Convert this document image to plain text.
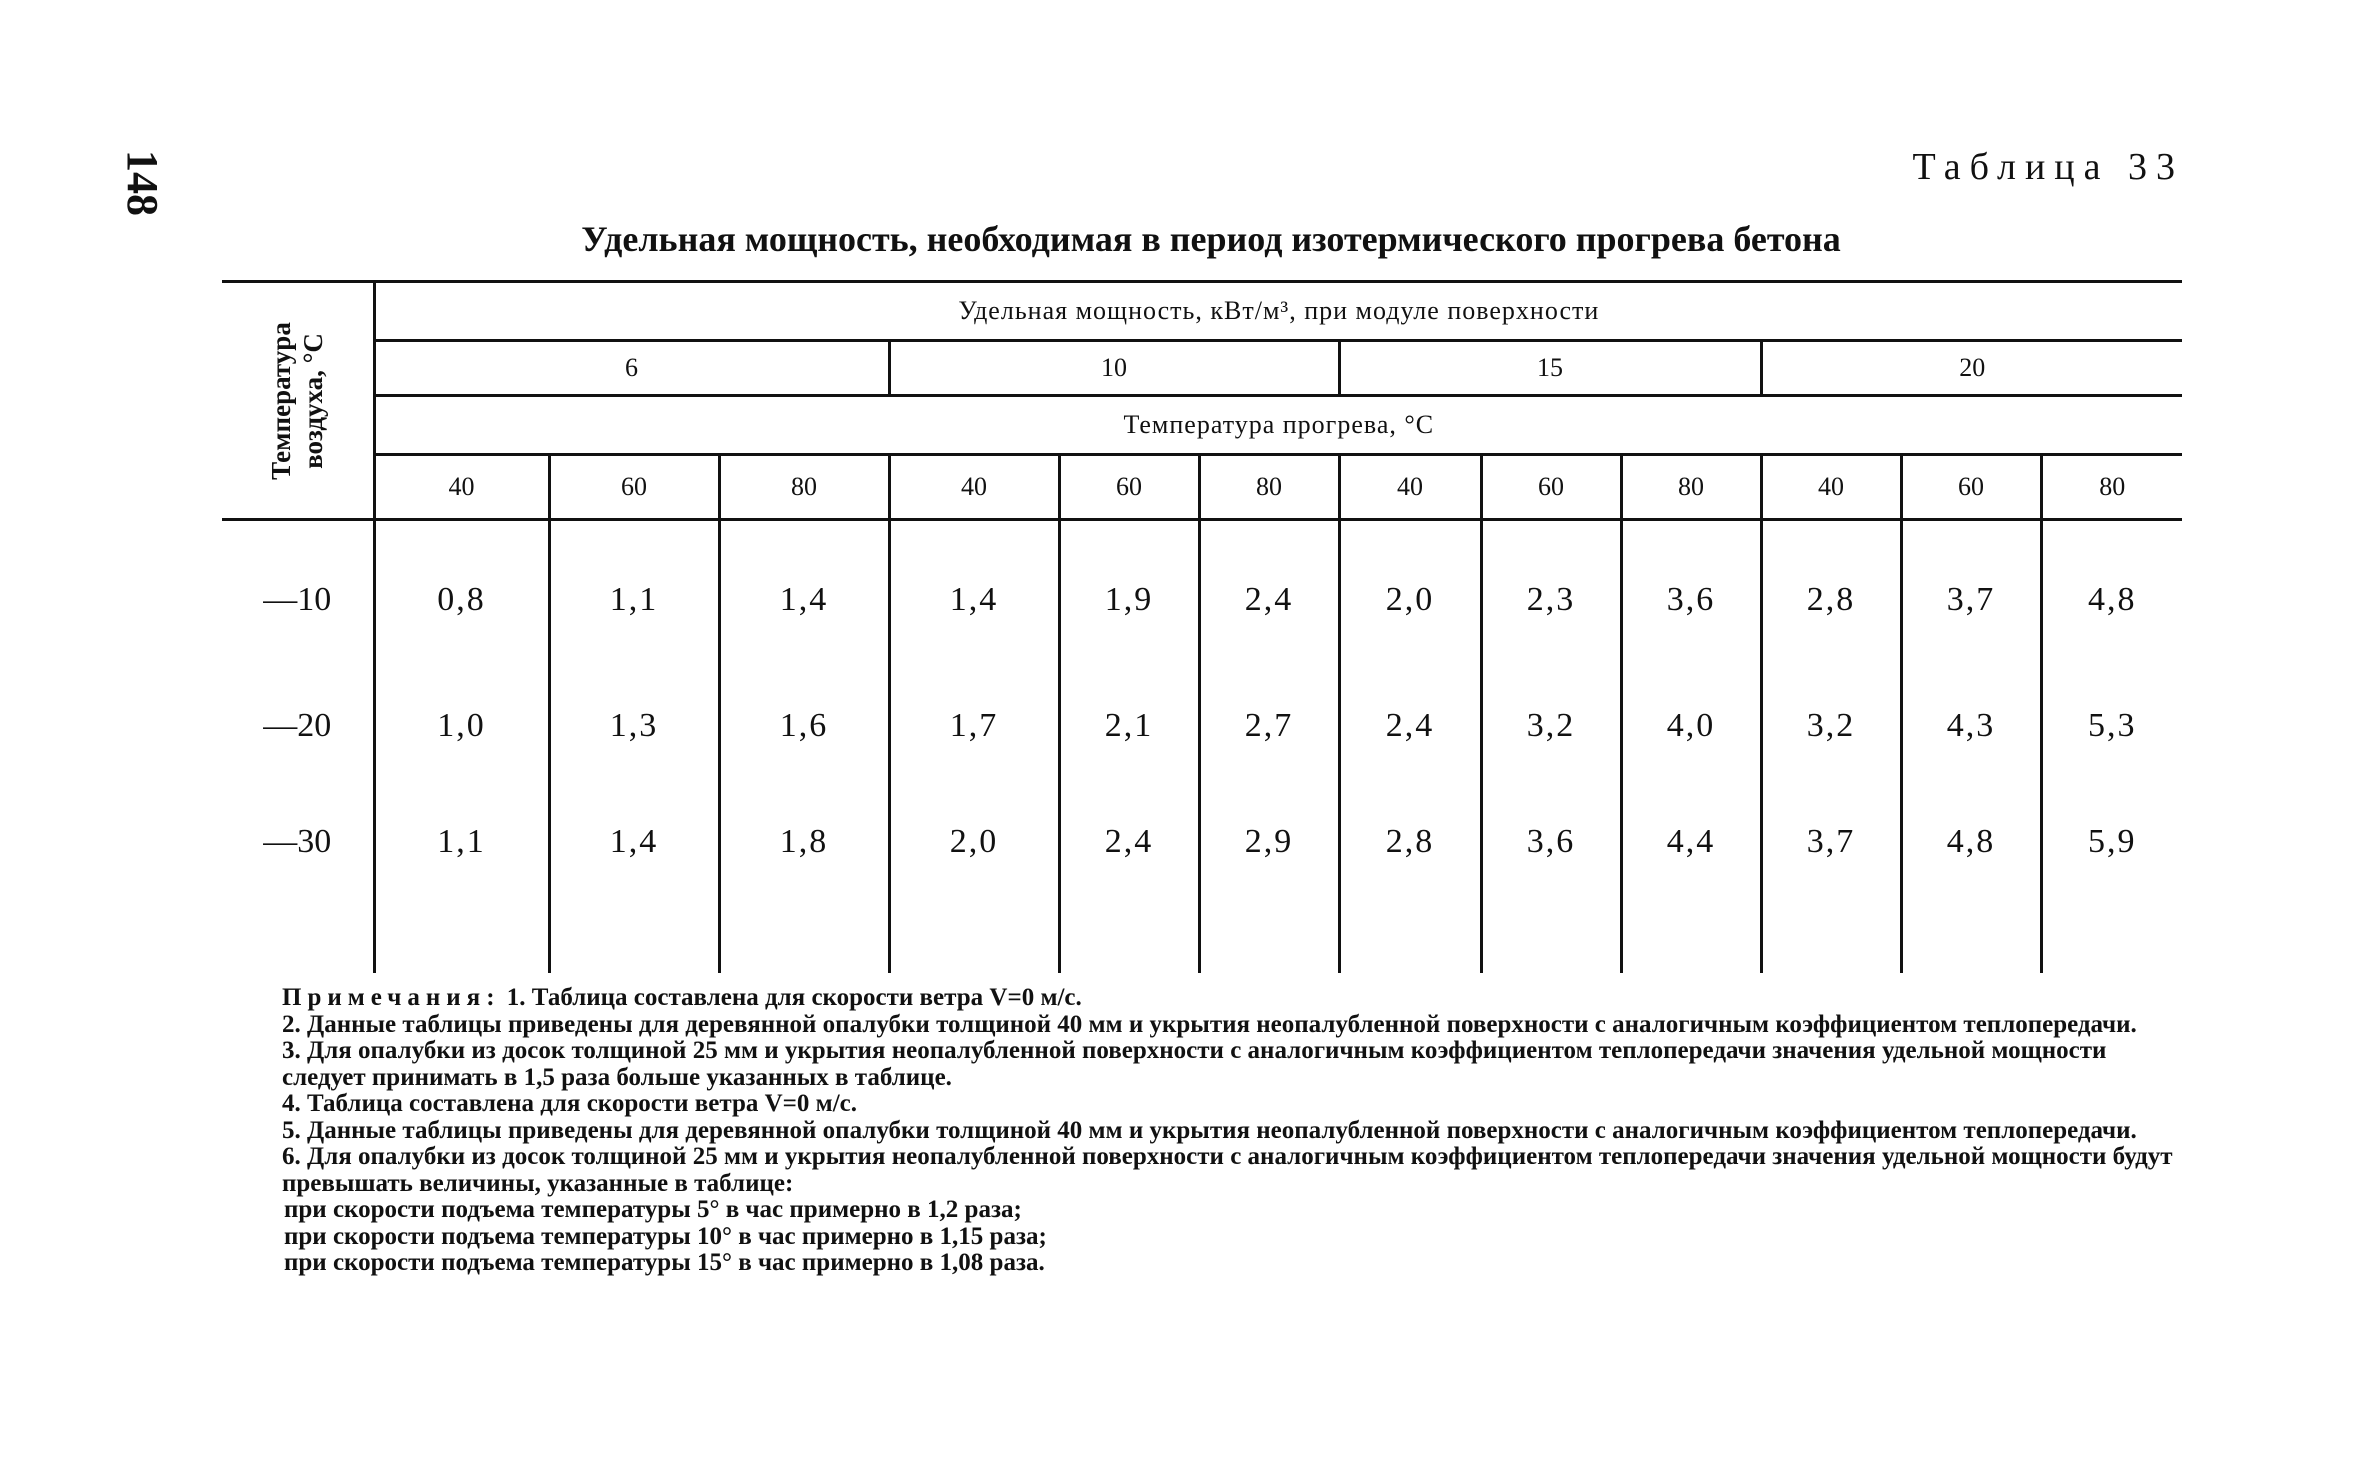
148	Таблица 33
Удельная мощность, необходимая в период изотермического прогрева бетона
Температура воздуха, °С	Удельная мощность, кВт/м³, при модуле поверхности											
	6			10			15			20		
	Температура прогрева, °С											
	40	60	80	40	60	80	40	60	80	40	60	80
—10	0,8	1,1	1,4	1,4	1,9	2,4	2,0	2,3	3,6	2,8	3,7	4,8
—20	1,0	1,3	1,6	1,7	2,1	2,7	2,4	3,2	4,0	3,2	4,3	5,3
—30	1,1	1,4	1,8	2,0	2,4	2,9	2,8	3,6	4,4	3,7	4,8	5,9

Примечания: 1. Таблица составлена для скорости ветра V=0 м/с.

2. Данные таблицы приведены для деревянной опалубки толщиной 40 мм и укрытия неопалубленной поверхности с аналогичным коэффициентом теплопередачи.

3. Для опалубки из досок толщиной 25 мм и укрытия неопалубленной поверхности с аналогичным коэффициентом теплопередачи значения удельной мощности следует принимать в 1,5 раза больше указанных в таблице.

4. Таблица составлена для скорости ветра V=0 м/с.

5. Данные таблицы приведены для деревянной опалубки толщиной 40 мм и укрытия неопалубленной поверхности с аналогичным коэффициентом теплопередачи.

6. Для опалубки из досок толщиной 25 мм и укрытия неопалубленной поверхности с аналогичным коэффициентом теплопередачи значения удельной мощности будут превышать величины, указанные в таблице:

при скорости подъема температуры 5° в час примерно в 1,2 раза;

при скорости подъема температуры 10° в час примерно в 1,15 раза;

при скорости подъема температуры 15° в час примерно в 1,08 раза.
